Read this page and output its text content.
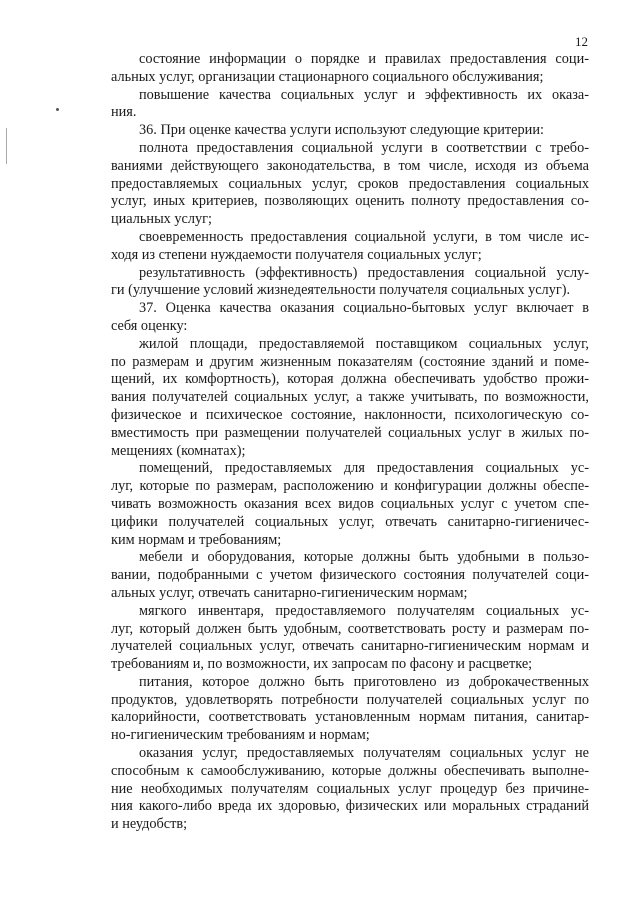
12
состояние информации о порядке и правилах предоставления соци-
альных услуг, организации стационарного социального обслуживания;
повышение качества социальных услуг и эффективность их оказа-
ния.
36. При оценке качества услуги используют следующие критерии:
полнота предоставления социальной услуги в соответствии с требо-
ваниями действующего законодательства, в том числе, исходя из объема
предоставляемых социальных услуг, сроков предоставления социальных
услуг, иных критериев, позволяющих оценить полноту предоставления со-
циальных услуг;
своевременность предоставления социальной услуги, в том числе ис-
ходя из степени нуждаемости получателя социальных услуг;
результативность (эффективность) предоставления социальной услу-
ги (улучшение условий жизнедеятельности получателя социальных услуг).
37. Оценка качества оказания социально-бытовых услуг включает в
себя оценку:
жилой площади, предоставляемой поставщиком социальных услуг,
по размерам и другим жизненным показателям (состояние зданий и поме-
щений, их комфортность), которая должна обеспечивать удобство прожи-
вания получателей социальных услуг, а также учитывать, по возможности,
физическое и психическое состояние, наклонности, психологическую со-
вместимость при размещении получателей социальных услуг в жилых по-
мещениях (комнатах);
помещений, предоставляемых для предоставления социальных ус-
луг, которые по размерам, расположению и конфигурации должны обеспе-
чивать возможность оказания всех видов социальных услуг с учетом спе-
цифики получателей социальных услуг, отвечать санитарно-гигиеничес-
ким нормам и требованиям;
мебели и оборудования, которые должны быть удобными в пользо-
вании, подобранными с учетом физического состояния получателей соци-
альных услуг, отвечать санитарно-гигиеническим нормам;
мягкого инвентаря, предоставляемого получателям социальных ус-
луг, который должен быть удобным, соответствовать росту и размерам по-
лучателей социальных услуг, отвечать санитарно-гигиеническим нормам и
требованиям и, по возможности, их запросам по фасону и расцветке;
питания, которое должно быть приготовлено из доброкачественных
продуктов, удовлетворять потребности получателей социальных услуг по
калорийности, соответствовать установленным нормам питания, санитар-
но-гигиеническим требованиям и нормам;
оказания услуг, предоставляемых получателям социальных услуг не
способным к самообслуживанию, которые должны обеспечивать выполне-
ние необходимых получателям социальных услуг процедур без причине-
ния какого-либо вреда их здоровью, физических или моральных страданий
и неудобств;
